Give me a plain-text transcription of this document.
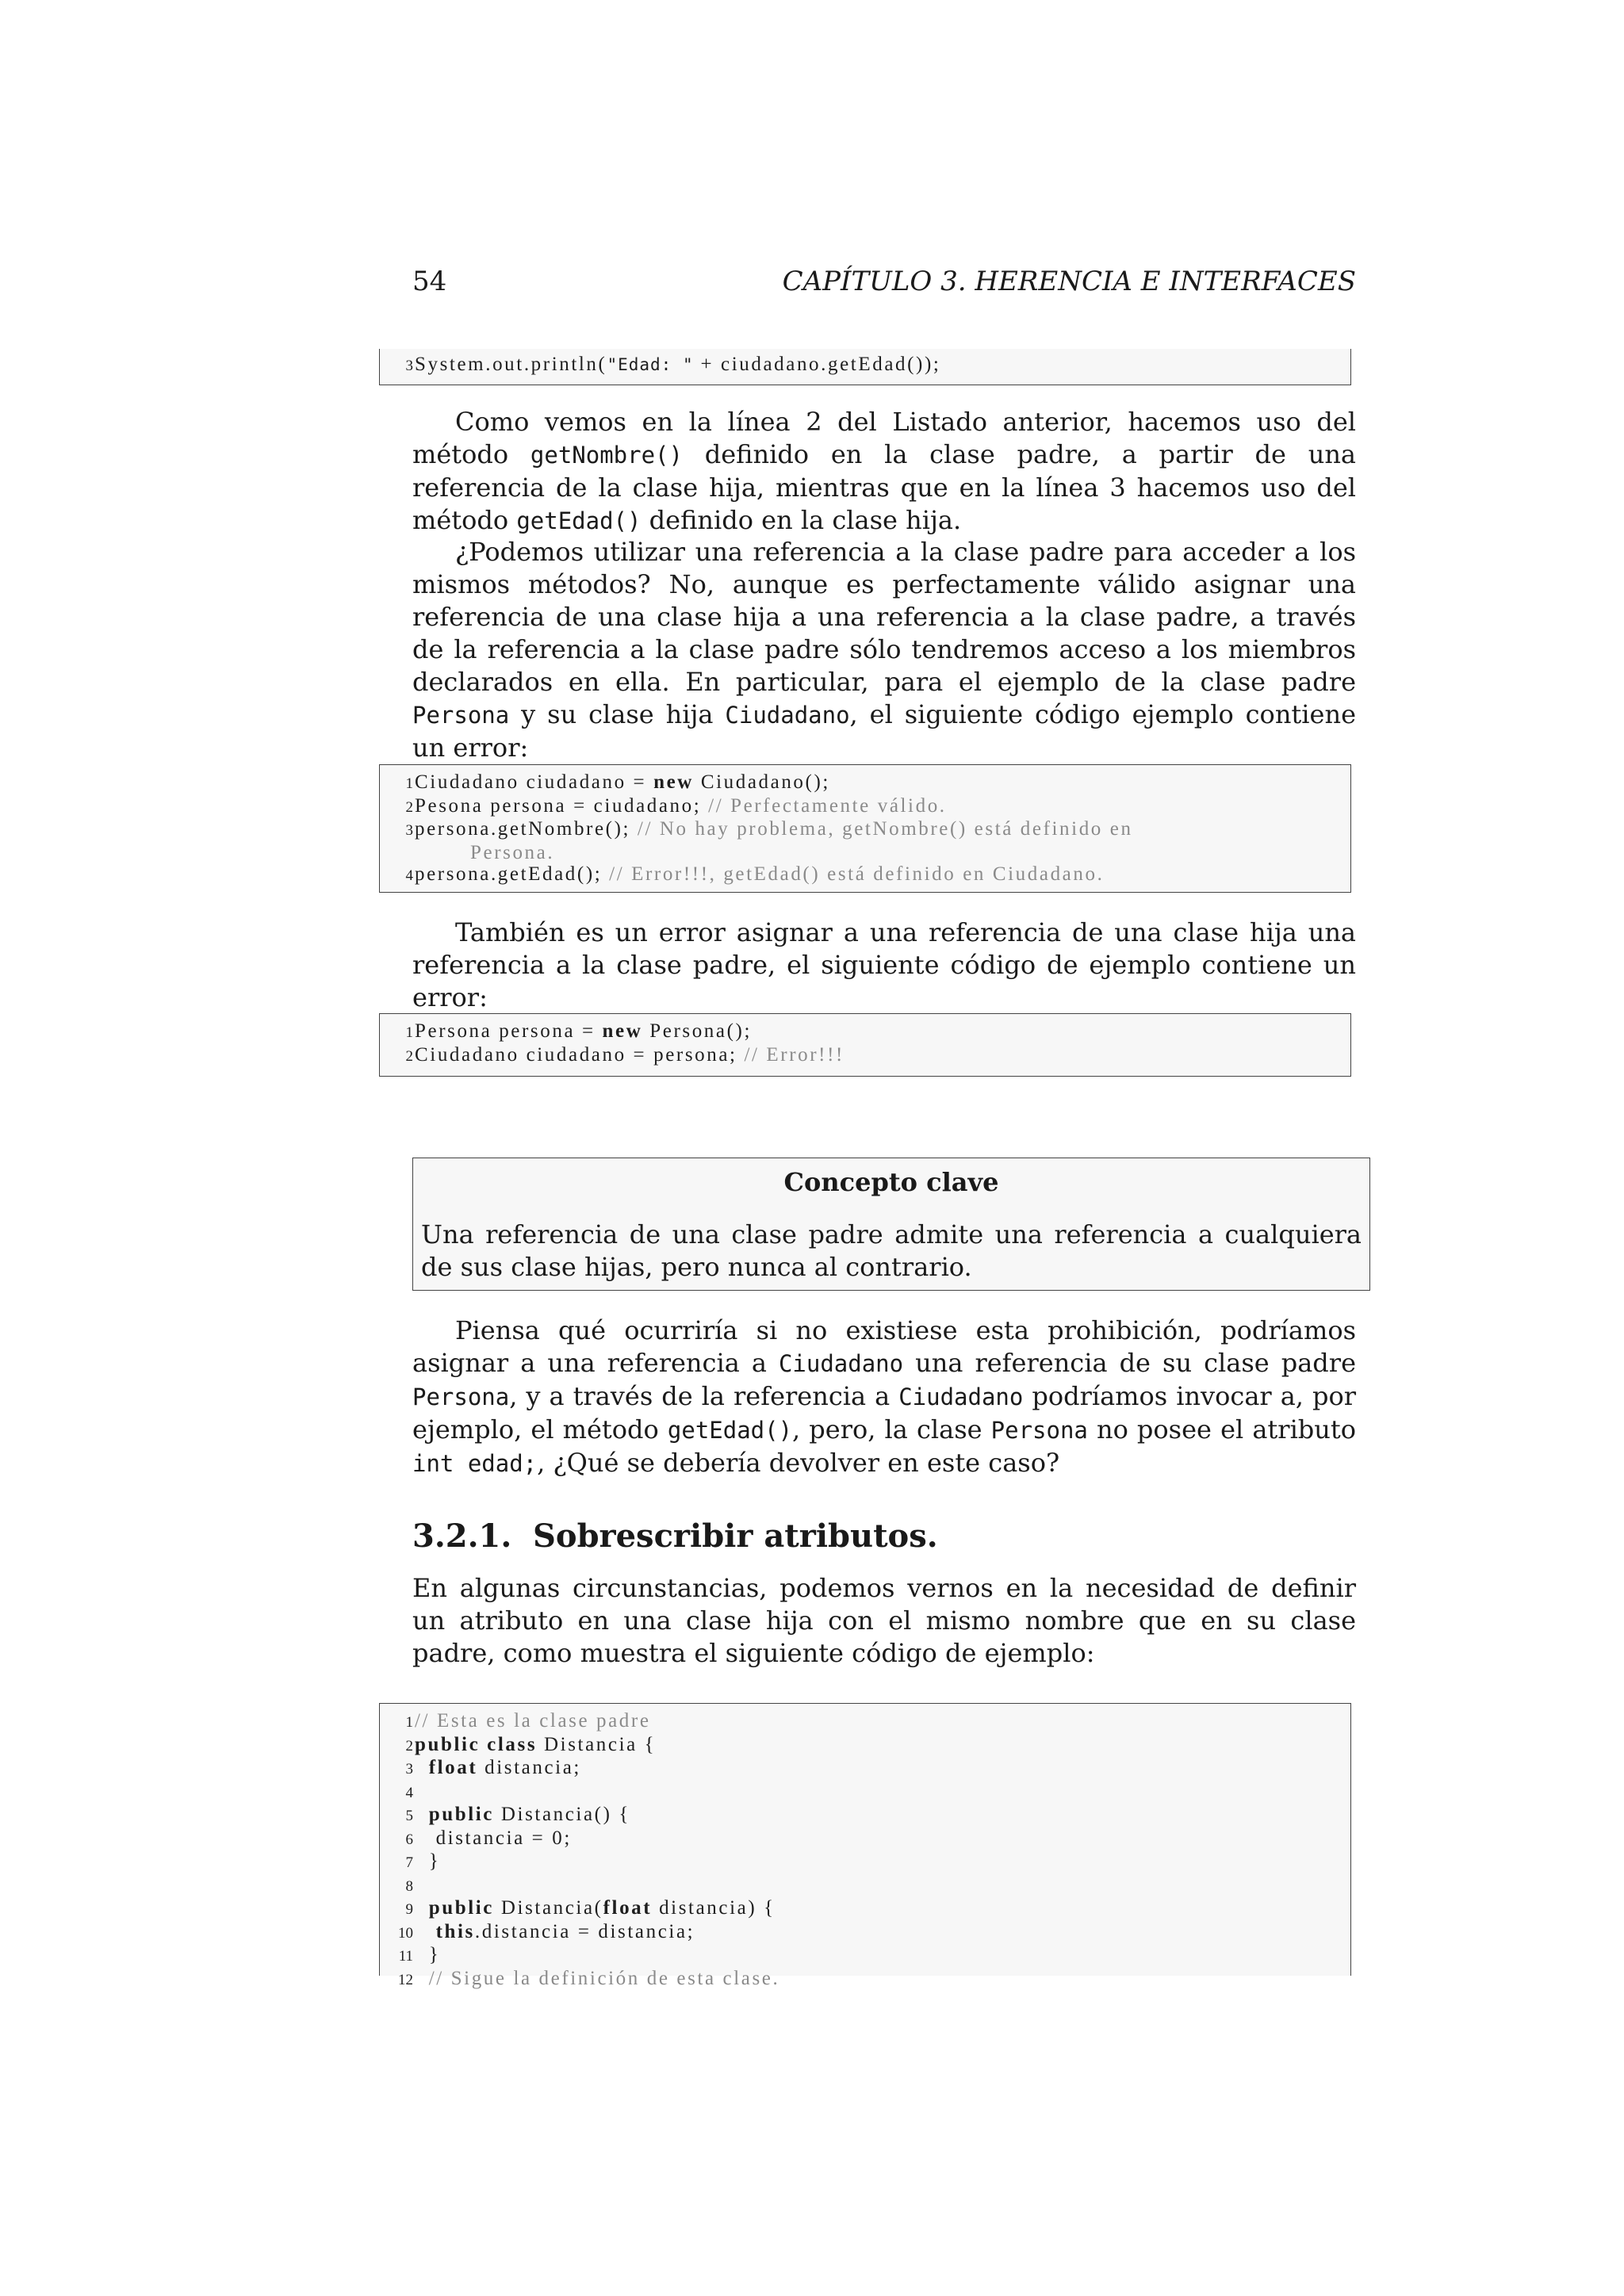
54	CAPÍTULO 3. HERENCIA E INTERFACES
3System.out.println("Edad: " + ciudadano.getEdad());

Como vemos en la línea 2 del Listado anterior, hacemos uso del método getNombre() definido en la clase padre, a partir de una referencia de la clase hija, mientras que en la línea 3 hacemos uso del método getEdad() definido en la clase hija.

¿Podemos utilizar una referencia a la clase padre para acceder a los mismos métodos? No, aunque es perfectamente válido asignar una referencia de una clase hija a una referencia a la clase padre, a través de la referencia a la clase padre sólo tendremos acceso a los miembros declarados en ella. En particular, para el ejemplo de la clase padre Persona y su clase hija Ciudadano, el siguiente código ejemplo contiene un error:

1Ciudadano ciudadano = new Ciudadano();
2Pesona persona = ciudadano; // Perfectamente válido.
3persona.getNombre(); // No hay problema, getNombre() está definido en
Persona.
4persona.getEdad(); // Error!!!, getEdad() está definido en Ciudadano.

También es un error asignar a una referencia de una clase hija una referencia a la clase padre, el siguiente código de ejemplo contiene un error:

1Persona persona = new Persona();
2Ciudadano ciudadano = persona; // Error!!!
Concepto clave
Una referencia de una clase padre admite una referencia a cualquiera de sus clase hijas, pero nunca al contrario.

Piensa qué ocurriría si no existiese esta prohibición, podríamos asignar a una referencia a Ciudadano una referencia de su clase padre Persona, y a través de la referencia a Ciudadano podríamos invocar a, por ejemplo, el método getEdad(), pero, la clase Persona no posee el atributo int edad;, ¿Qué se debería devolver en este caso?

3.2.1. Sobrescribir atributos.

En algunas circunstancias, podemos vernos en la necesidad de definir un atributo en una clase hija con el mismo nombre que en su clase padre, como muestra el siguiente código de ejemplo:

1// Esta es la clase padre
2public class Distancia {
3 float distancia;
4
5 public Distancia() {
6 distancia = 0;
7 }
8
9 public Distancia(float distancia) {
10 this.distancia = distancia;
11 }
12 // Sigue la definición de esta clase.
